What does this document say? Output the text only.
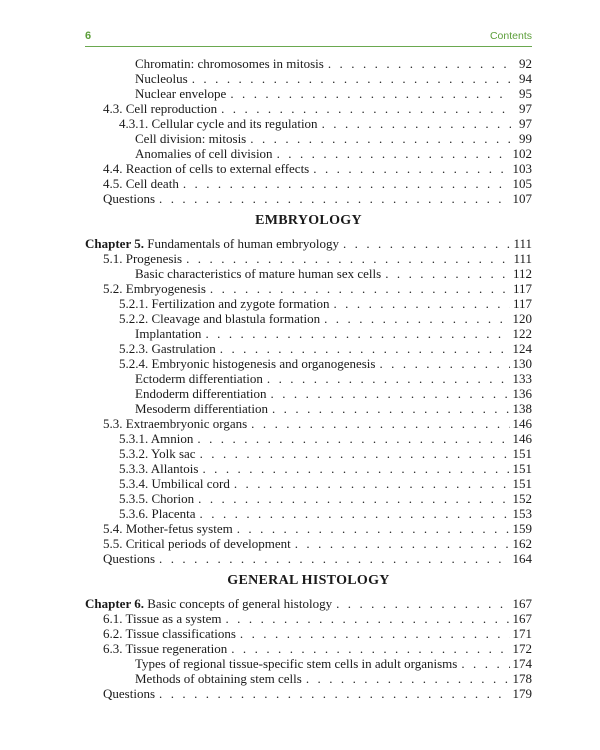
6	Contents
Chromatin: chromosomes in mitosis . . .	92
Nucleolus . . .	94
Nuclear envelope . . .	95
4.3. Cell reproduction . . .	97
4.3.1. Cellular cycle and its regulation . . .	97
Cell division: mitosis . . .	99
Anomalies of cell division . . .	102
4.4. Reaction of cells to external effects . . .	103
4.5. Cell death . . .	105
Questions . . .	107
EMBRYOLOGY
Chapter 5. Fundamentals of human embryology . . .	111
5.1. Progenesis . . .	111
Basic characteristics of mature human sex cells . . .	112
5.2. Embryogenesis . . .	117
5.2.1. Fertilization and zygote formation . . .	117
5.2.2. Cleavage and blastula formation . . .	120
Implantation . . .	122
5.2.3. Gastrulation . . .	124
5.2.4. Embryonic histogenesis and organogenesis . . .	130
Ectoderm differentiation . . .	133
Endoderm differentiation . . .	136
Mesoderm differentiation . . .	138
5.3. Extraembryonic organs . . .	146
5.3.1. Amnion . . .	146
5.3.2. Yolk sac . . .	151
5.3.3. Allantois . . .	151
5.3.4. Umbilical cord . . .	151
5.3.5. Chorion . . .	152
5.3.6. Placenta . . .	153
5.4. Mother-fetus system . . .	159
5.5. Critical periods of development . . .	162
Questions . . .	164
GENERAL HISTOLOGY
Chapter 6. Basic concepts of general histology . . .	167
6.1. Tissue as a system . . .	167
6.2. Tissue classifications . . .	171
6.3. Tissue regeneration . . .	172
Types of regional tissue-specific stem cells in adult organisms . . .	174
Methods of obtaining stem cells . . .	178
Questions . . .	179
